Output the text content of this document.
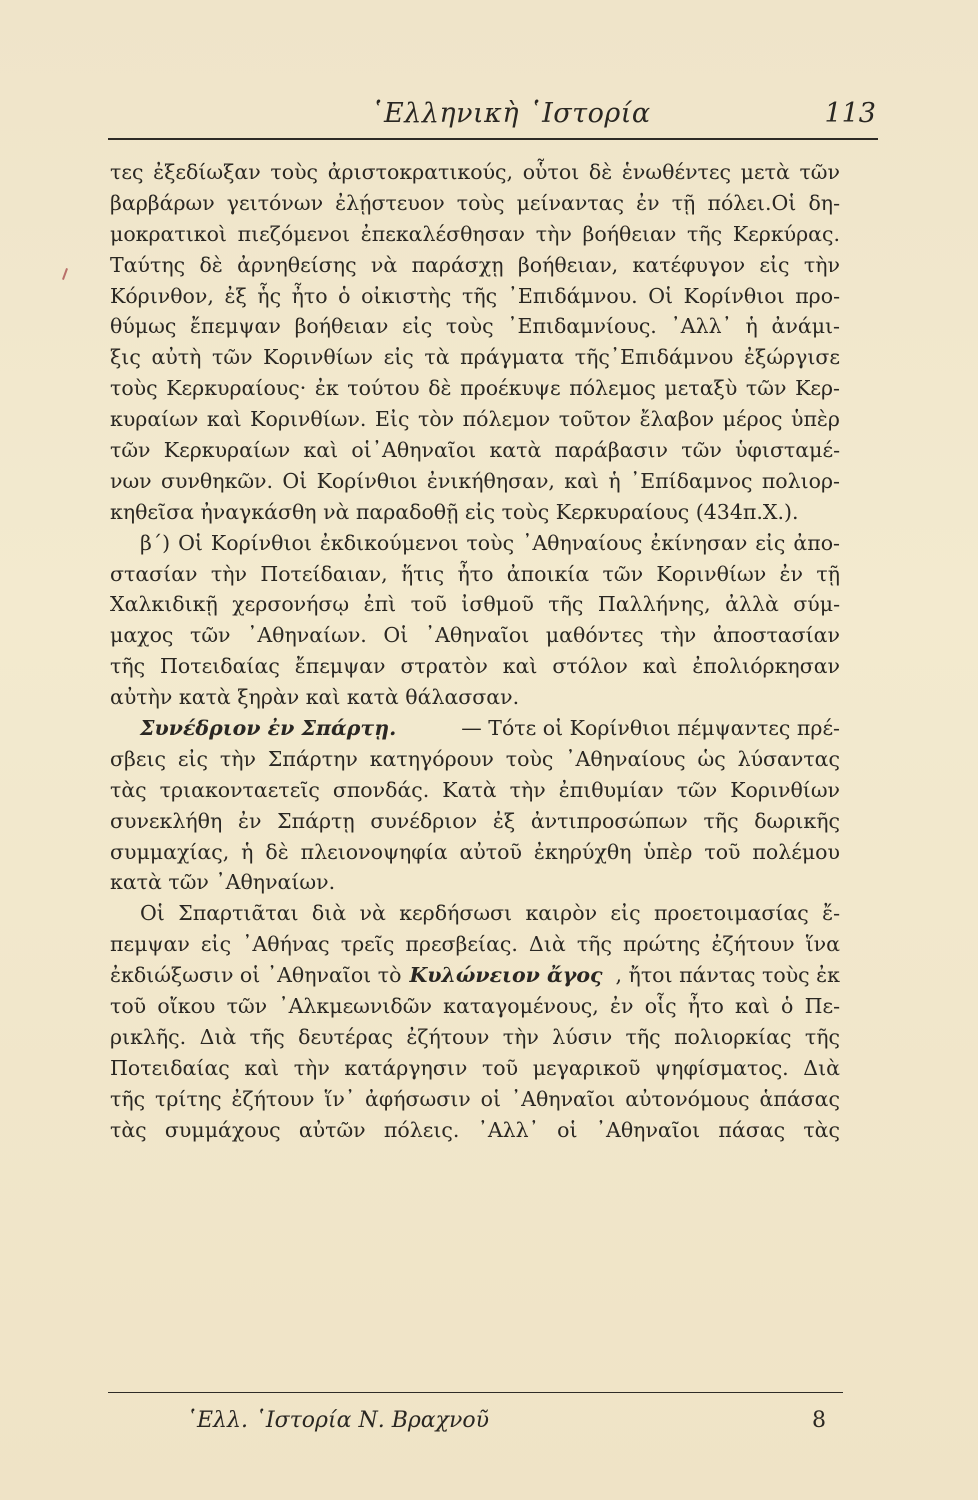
῾Ελληνικὴ ῾Ιστορία	113
τες ἐξεδίωξαν τοὺς ἀριστοκρατικούς, οὗτοι δὲ ἑνωθέντες μετὰ τῶν
βαρβάρων γειτόνων ἐλῄστευον τοὺς μείναντας ἐν τῇ πόλει.Οἱ δη-
μοκρατικοὶ πιεζόμενοι ἐπεκαλέσθησαν τὴν βοήθειαν τῆς Κερκύρας.
Ταύτης δὲ ἀρνηθείσης νὰ παράσχῃ βοήθειαν, κατέφυγον εἰς τὴν
Κόρινθον, ἐξ ἧς ἦτο ὁ οἰκιστὴς τῆς ᾿Επιδάμνου. Οἱ Κορίνθιοι προ-
θύμως ἔπεμψαν βοήθειαν εἰς τοὺς ᾿Επιδαμνίους. ᾿Αλλ᾿ ἡ ἀνάμι-
ξις αὐτὴ τῶν Κορινθίων εἰς τὰ πράγματα τῆς᾿Επιδάμνου ἐξώργισε
τοὺς Κερκυραίους· ἐκ τούτου δὲ προέκυψε πόλεμος μεταξὺ τῶν Κερ-
κυραίων καὶ Κορινθίων. Εἰς τὸν πόλεμον τοῦτον ἔλαβον μέρος ὑπὲρ
τῶν Κερκυραίων καὶ οἱ᾿Αθηναῖοι κατὰ παράβασιν τῶν ὑφισταμέ-
νων συνθηκῶν. Οἱ Κορίνθιοι ἐνικήθησαν, καὶ ἡ ᾿Επίδαμνος πολιορ-
κηθεῖσα ἠναγκάσθη νὰ παραδοθῇ εἰς τοὺς Κερκυραίους (434π.Χ.).
β΄) Οἱ Κορίνθιοι ἐκδικούμενοι τοὺς ᾿Αθηναίους ἐκίνησαν εἰς ἀπο-
στασίαν τὴν Ποτείδαιαν, ἥτις ἦτο ἀποικία τῶν Κορινθίων ἐν τῇ
Χαλκιδικῇ χερσονήσῳ ἐπὶ τοῦ ἰσθμοῦ τῆς Παλλήνης, ἀλλὰ σύμ-
μαχος τῶν ᾿Αθηναίων. Οἱ ᾿Αθηναῖοι μαθόντες τὴν ἀποστασίαν
τῆς Ποτειδαίας ἔπεμψαν στρατὸν καὶ στόλον καὶ ἐπολιόρκησαν
αὐτὴν κατὰ ξηρὰν καὶ κατὰ θάλασσαν.
Συνέδριον ἐν Σπάρτῃ.	— Τότε οἱ Κορίνθιοι πέμψαντες πρέ-
σβεις εἰς τὴν Σπάρτην κατηγόρουν τοὺς ᾿Αθηναίους ὡς λύσαντας
τὰς τριακονταετεῖς σπονδάς. Κατὰ τὴν ἐπιθυμίαν τῶν Κορινθίων
συνεκλήθη ἐν Σπάρτῃ συνέδριον ἐξ ἀντιπροσώπων τῆς δωρικῆς
συμμαχίας, ἡ δὲ πλειονοψηφία αὐτοῦ ἐκηρύχθη ὑπὲρ τοῦ πολέμου
κατὰ τῶν ᾿Αθηναίων.
Οἱ Σπαρτιᾶται διὰ νὰ κερδήσωσι καιρὸν εἰς προετοιμασίας ἔ-
πεμψαν εἰς ᾿Αθήνας τρεῖς πρεσβείας. Διὰ τῆς πρώτης ἐζήτουν ἵνα
ἐκδιώξωσιν οἱ ᾿Αθηναῖοι τὸ Κυλώνειον ἄγος , ἤτοι πάντας τοὺς ἐκ
τοῦ οἴκου τῶν ᾿Αλκμεωνιδῶν καταγομένους, ἐν οἷς ἦτο καὶ ὁ Πε-
ρικλῆς. Διὰ τῆς δευτέρας ἐζήτουν τὴν λύσιν τῆς πολιορκίας τῆς
Ποτειδαίας καὶ τὴν κατάργησιν τοῦ μεγαρικοῦ ψηφίσματος. Διὰ
τῆς τρίτης ἐζήτουν ἵν᾿ ἀφήσωσιν οἱ ᾿Αθηναῖοι αὐτονόμους ἁπάσας
τὰς συμμάχους αὐτῶν πόλεις. ᾿Αλλ᾿ οἱ ᾿Αθηναῖοι πάσας τὰς
῾Ελλ. ῾Ιστορία Ν. Βραχνοῦ	8
